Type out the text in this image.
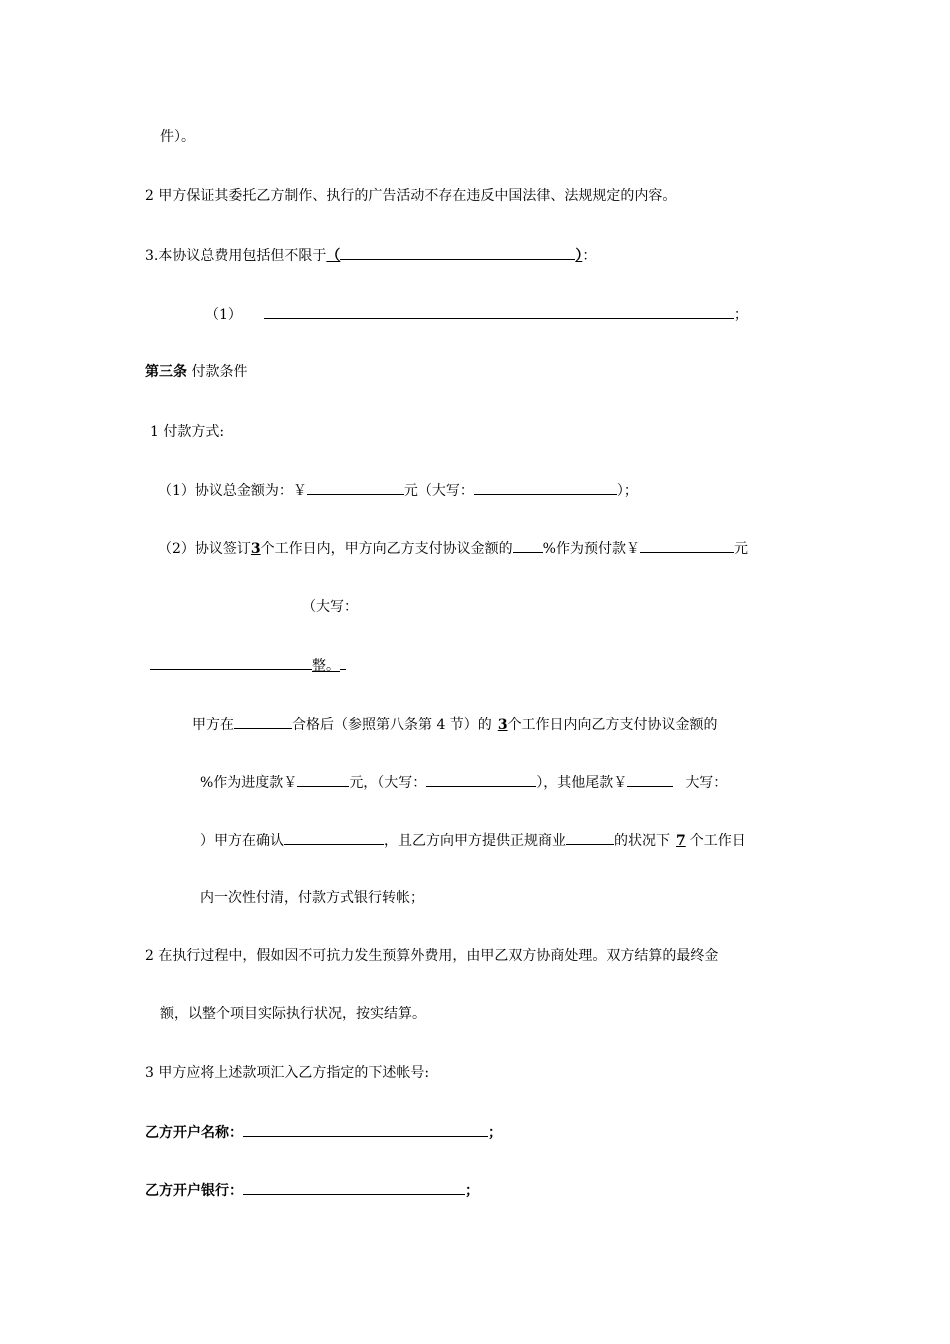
件）。
2 甲方保证其委托乙方制作、执行的广告活动不存在违反中国法律、法规规定的内容。
3.本协议总费用包括但不限于（	）：
（1）	；
第三条 付款条件
1 付款方式:
（1）协议总金额为：￥	元（大写：	）；
（2）协议签订3个工作日内，甲方向乙方支付协议金额的 %作为预付款￥	元
（大写：
整。
甲方在	合格后（参照第八条第 4 节）的 3个工作日内向乙方支付协议金额的
%作为进度款￥	元，（大写：	），其他尾款￥	大写：
）甲方在确认	，且乙方向甲方提供正规商业	的状况下 7 个工作日
内一次性付清，付款方式银行转帐；
2 在执行过程中，假如因不可抗力发生预算外费用，由甲乙双方协商处理。双方结算的最终金
额，以整个项目实际执行状况，按实结算。
3 甲方应将上述款项汇入乙方指定的下述帐号:
乙方开户名称：	；
乙方开户银行：	；
